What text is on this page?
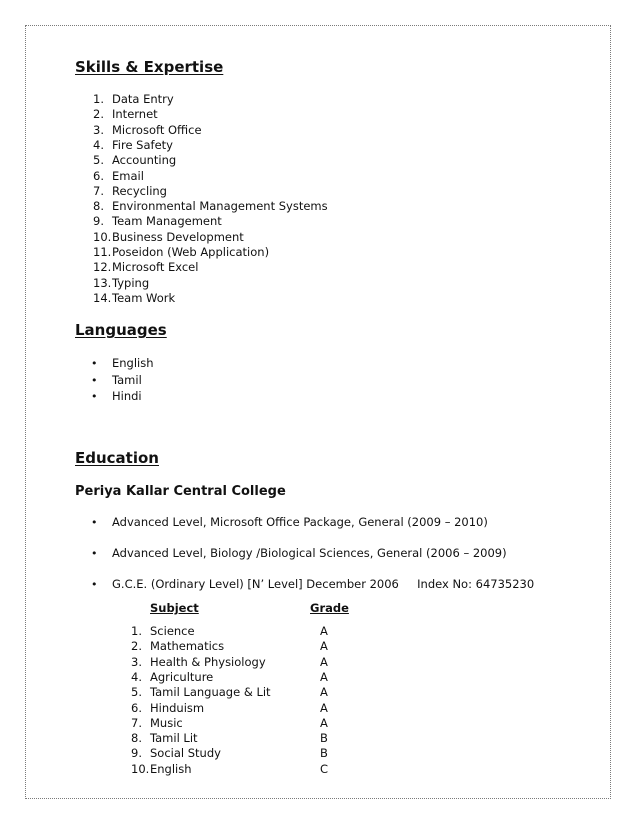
Skills & Expertise
1. Data Entry
2. Internet
3. Microsoft Office
4. Fire Safety
5. Accounting
6. Email
7. Recycling
8. Environmental Management Systems
9. Team Management
10. Business Development
11. Poseidon (Web Application)
12. Microsoft Excel
13. Typing
14. Team Work
Languages
• English
• Tamil
• Hindi
Education
Periya Kallar Central College
• Advanced Level, Microsoft Office Package, General (2009 – 2010)
• Advanced Level, Biology /Biological Sciences, General (2006 – 2009)
• G.C.E. (Ordinary Level) [N’ Level] December 2006     Index No: 64735230
Subject	Grade
1. Science	A
2. Mathematics	A
3. Health & Physiology	A
4. Agriculture	A
5. Tamil Language & Lit	A
6. Hinduism	A
7. Music	A
8. Tamil Lit	B
9. Social Study	B
10. English	C
